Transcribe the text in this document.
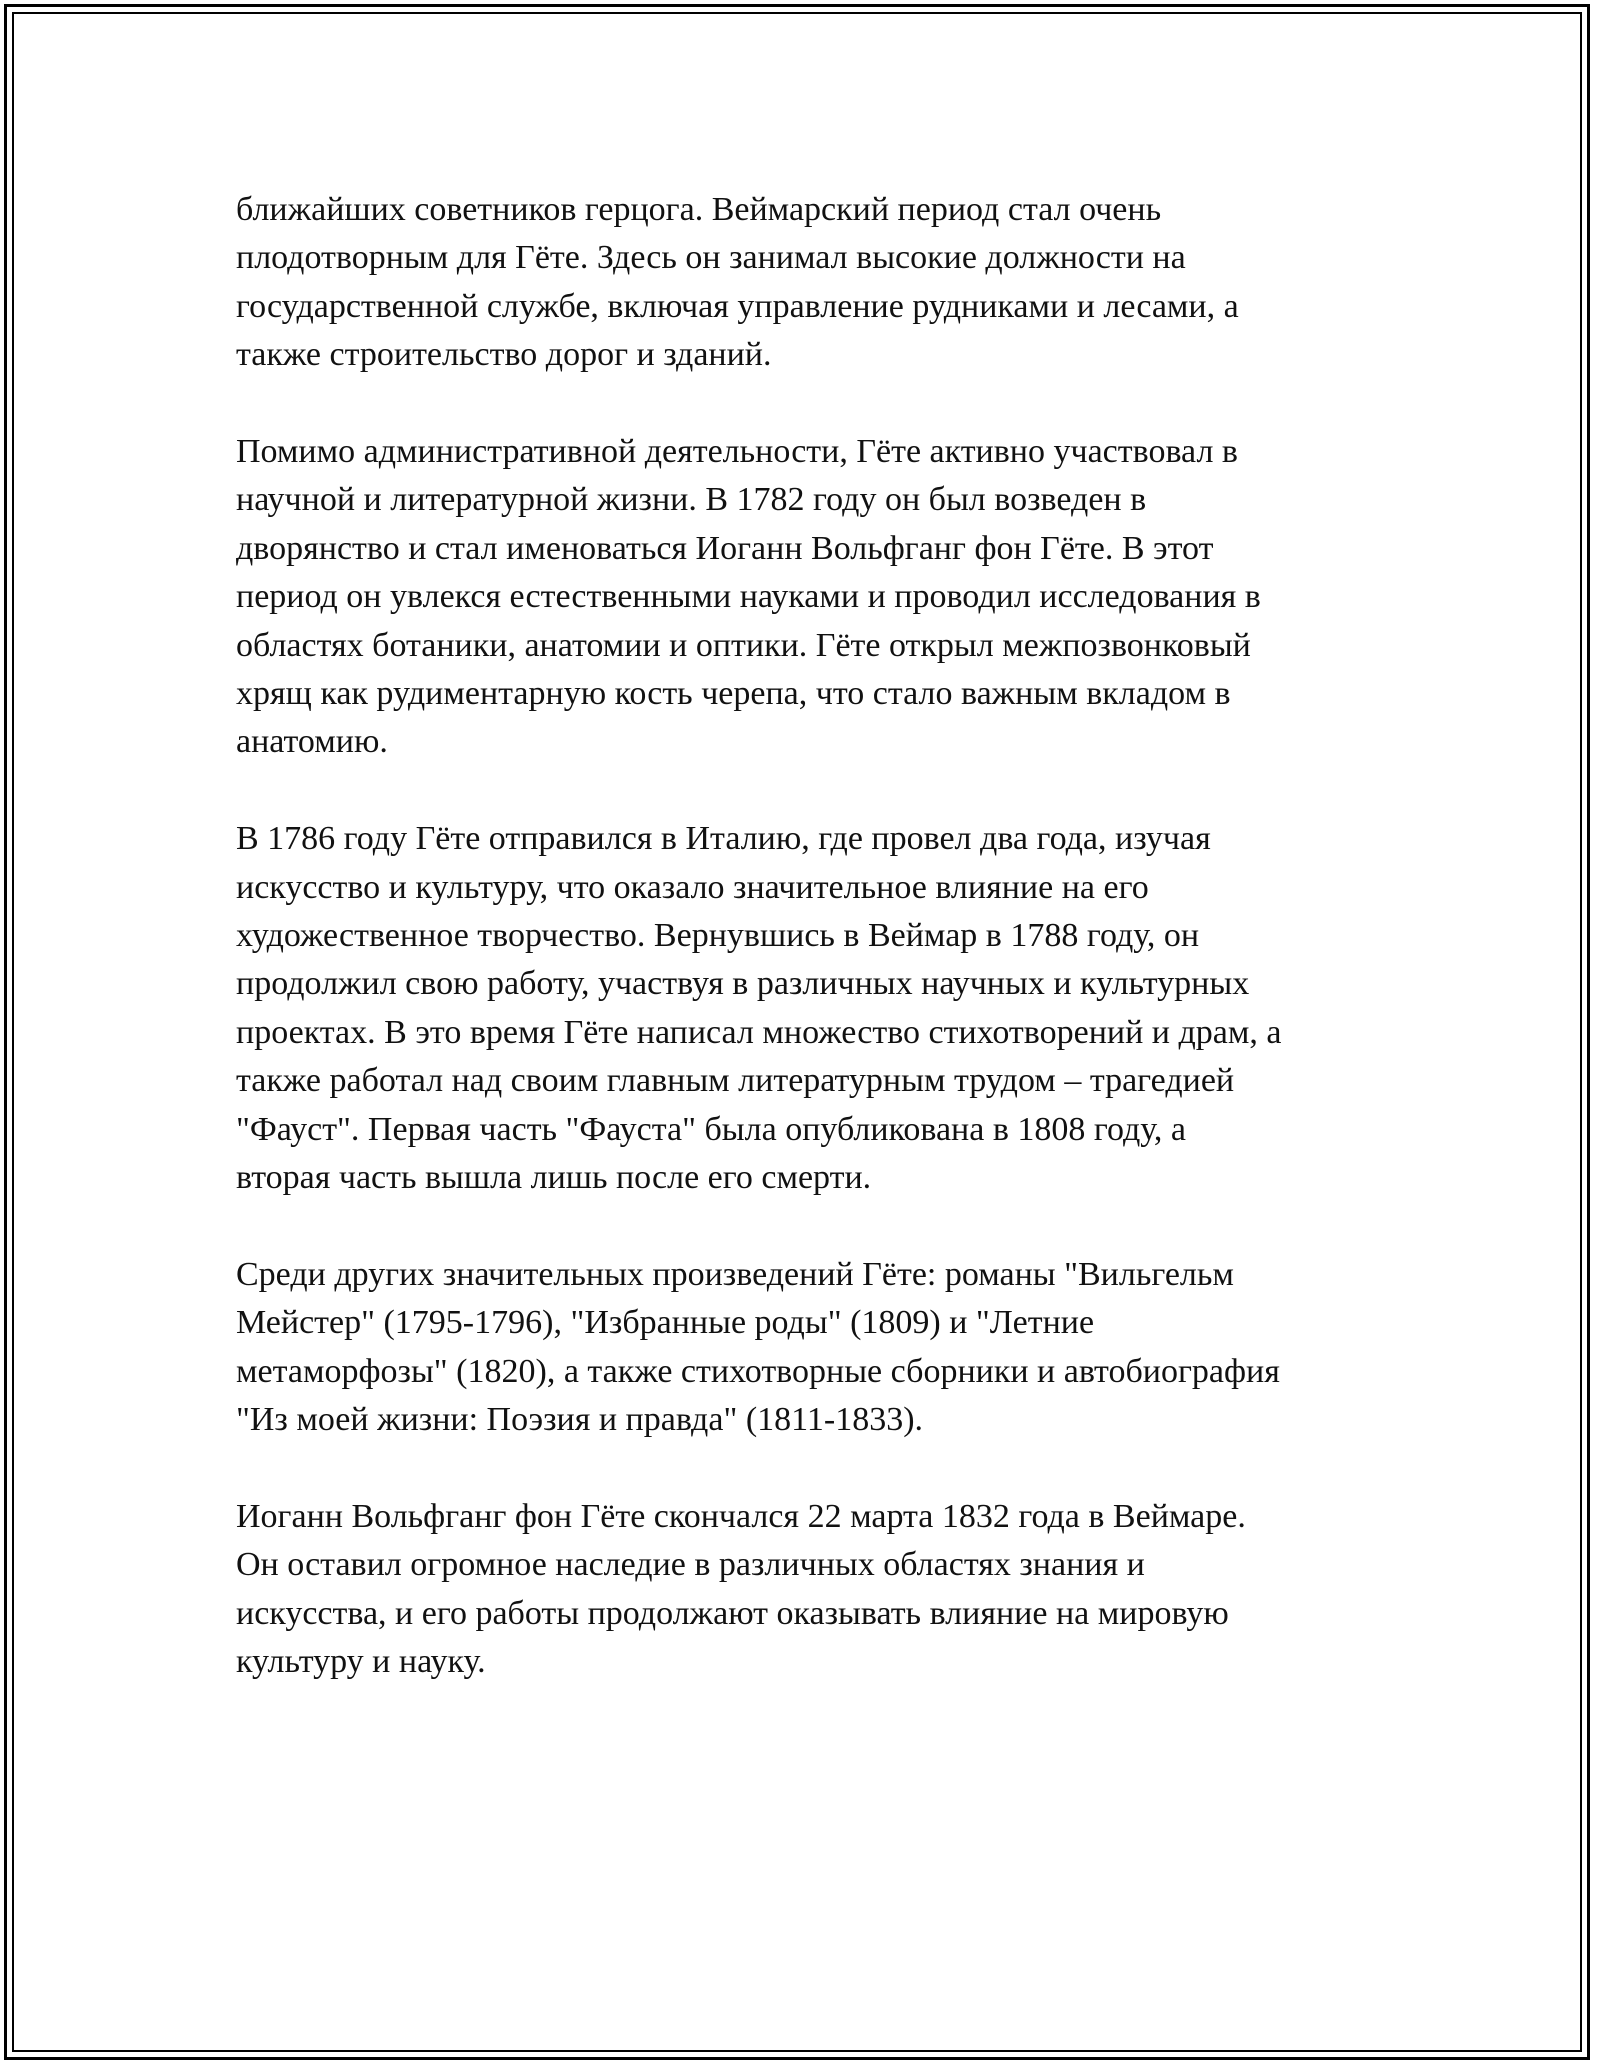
ближайших советников герцога. Веймарский период стал очень
плодотворным для Гёте. Здесь он занимал высокие должности на
государственной службе, включая управление рудниками и лесами, а
также строительство дорог и зданий.

Помимо административной деятельности, Гёте активно участвовал в
научной и литературной жизни. В 1782 году он был возведен в
дворянство и стал именоваться Иоганн Вольфганг фон Гёте. В этот
период он увлекся естественными науками и проводил исследования в
областях ботаники, анатомии и оптики. Гёте открыл межпозвонковый
хрящ как рудиментарную кость черепа, что стало важным вкладом в
анатомию.

В 1786 году Гёте отправился в Италию, где провел два года, изучая
искусство и культуру, что оказало значительное влияние на его
художественное творчество. Вернувшись в Веймар в 1788 году, он
продолжил свою работу, участвуя в различных научных и культурных
проектах. В это время Гёте написал множество стихотворений и драм, а
также работал над своим главным литературным трудом – трагедией
"Фауст". Первая часть "Фауста" была опубликована в 1808 году, а
вторая часть вышла лишь после его смерти.

Среди других значительных произведений Гёте: романы "Вильгельм
Мейстер" (1795-1796), "Избранные роды" (1809) и "Летние
метаморфозы" (1820), а также стихотворные сборники и автобиография
"Из моей жизни: Поэзия и правда" (1811-1833).

Иоганн Вольфганг фон Гёте скончался 22 марта 1832 года в Веймаре.
Он оставил огромное наследие в различных областях знания и
искусства, и его работы продолжают оказывать влияние на мировую
культуру и науку.
